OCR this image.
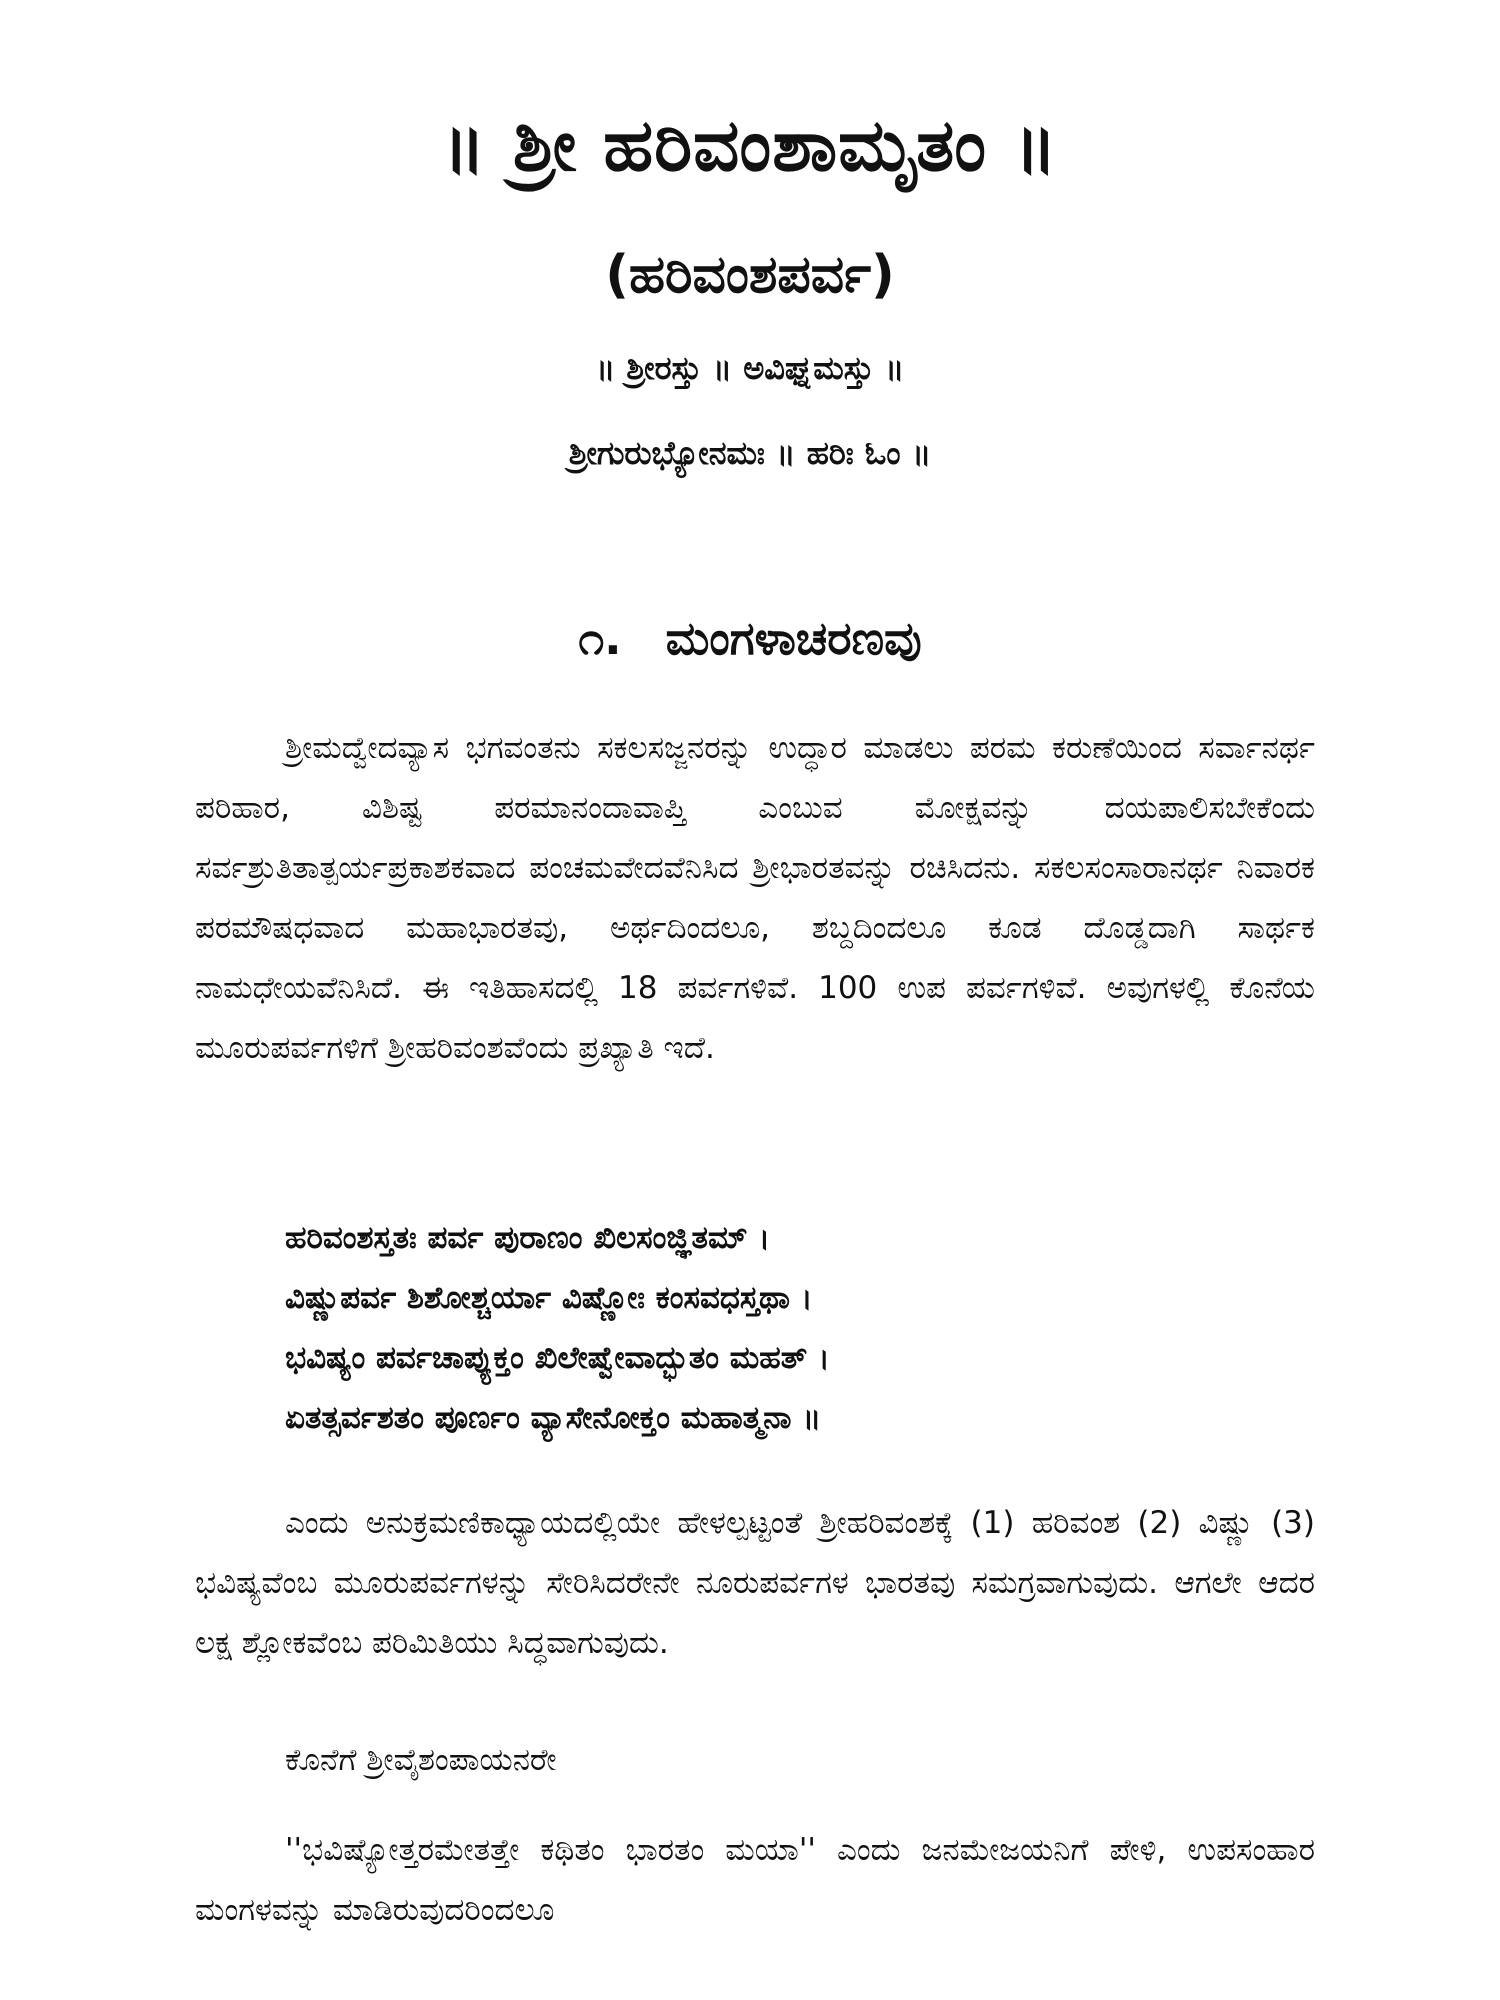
॥ ಶ್ರೀ ಹರಿವಂಶಾಮೃತಂ ॥
(ಹರಿವಂಶಪರ್ವ)
॥ ಶ್ರೀರಸ್ತು ॥ ಅವಿಘ್ನಮಸ್ತು ॥
ಶ್ರೀಗುರುಭ್ಯೋನಮಃ ॥ ಹರಿಃ ಓಂ ॥
೧. ಮಂಗಳಾಚರಣವು

ಶ್ರೀಮದ್ವೇದವ್ಯಾಸ ಭಗವಂತನು ಸಕಲಸಜ್ಜನರನ್ನು ಉದ್ಧಾರ ಮಾಡಲು ಪರಮ ಕರುಣೆಯಿಂದ ಸರ್ವಾನರ್ಥ ಪರಿಹಾರ, ವಿಶಿಷ್ಟ ಪರಮಾನಂದಾವಾಪ್ತಿ ಎಂಬುವ ಮೋಕ್ಷವನ್ನು ದಯಪಾಲಿಸಬೇಕೆಂದು ಸರ್ವಶ್ರುತಿತಾತ್ಪರ್ಯಪ್ರಕಾಶಕವಾದ ಪಂಚಮವೇದವೆನಿಸಿದ ಶ್ರೀಭಾರತವನ್ನು ರಚಿಸಿದನು. ಸಕಲಸಂಸಾರಾನರ್ಥ ನಿವಾರಕ ಪರಮೌಷಧವಾದ ಮಹಾಭಾರತವು, ಅರ್ಥದಿಂದಲೂ, ಶಬ್ದದಿಂದಲೂ ಕೂಡ ದೊಡ್ಡದಾಗಿ ಸಾರ್ಥಕ ನಾಮಧೇಯವೆನಿಸಿದೆ. ಈ ಇತಿಹಾಸದಲ್ಲಿ 18 ಪರ್ವಗಳಿವೆ. 100 ಉಪ ಪರ್ವಗಳಿವೆ. ಅವುಗಳಲ್ಲಿ ಕೊನೆಯ ಮೂರುಪರ್ವಗಳಿಗೆ ಶ್ರೀಹರಿವಂಶವೆಂದು ಪ್ರಖ್ಯಾತಿ ಇದೆ.

ಹರಿವಂಶಸ್ತತಃ ಪರ್ವ ಪುರಾಣಂ ಖಿಲಸಂಜ್ಞಿತಮ್ ।
ವಿಷ್ಣುಪರ್ವ ಶಿಶೋಶ್ಚರ್ಯಾ ವಿಷ್ಣೋಃ ಕಂಸವಧಸ್ತಥಾ ।
ಭವಿಷ್ಯಂ ಪರ್ವಚಾಪ್ಯುಕ್ತಂ ಖಿಲೇಷ್ವೇವಾದ್ಭುತಂ ಮಹತ್ ।
ಏತತ್ಸರ್ವಶತಂ ಪೂರ್ಣಂ ವ್ಯಾಸೇನೋಕ್ತಂ ಮಹಾತ್ಮನಾ ॥

ಎಂದು ಅನುಕ್ರಮಣಿಕಾಧ್ಯಾಯದಲ್ಲಿಯೇ ಹೇಳಲ್ಪಟ್ಟಂತೆ ಶ್ರೀಹರಿವಂಶಕ್ಕೆ (1) ಹರಿವಂಶ (2) ವಿಷ್ಣು (3) ಭವಿಷ್ಯವೆಂಬ ಮೂರುಪರ್ವಗಳನ್ನು ಸೇರಿಸಿದರೇನೇ ನೂರುಪರ್ವಗಳ ಭಾರತವು ಸಮಗ್ರವಾಗುವುದು. ಆಗಲೇ ಆದರ ಲಕ್ಷ ಶ್ಲೋಕವೆಂಬ ಪರಿಮಿತಿಯು ಸಿದ್ಧವಾಗುವುದು.

ಕೊನೆಗೆ ಶ್ರೀವೈಶಂಪಾಯನರೇ

''ಭವಿಷ್ಯೋತ್ತರಮೇತತ್ತೇ ಕಥಿತಂ ಭಾರತಂ ಮಯಾ'' ಎಂದು ಜನಮೇಜಯನಿಗೆ ಪೇಳಿ, ಉಪಸಂಹಾರ ಮಂಗಳವನ್ನು ಮಾಡಿರುವುದರಿಂದಲೂ
